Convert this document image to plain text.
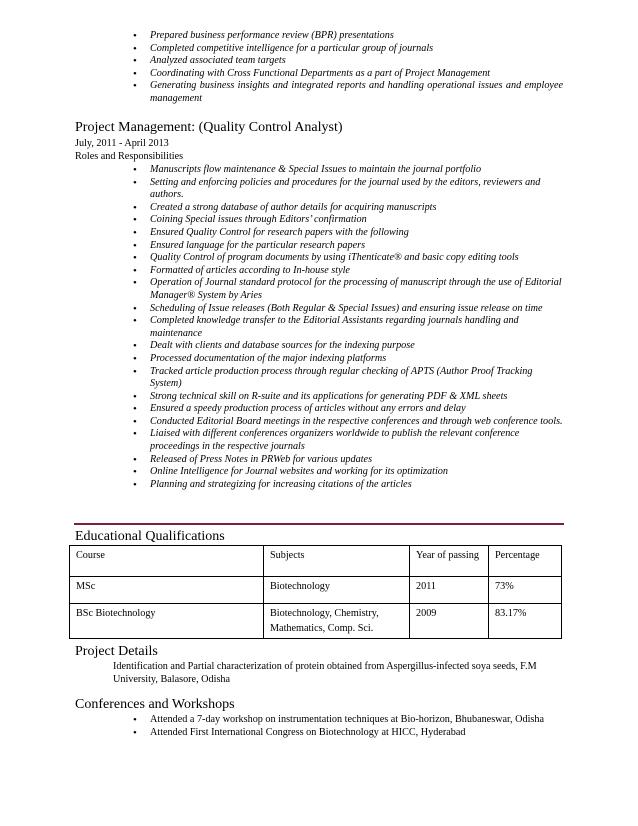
• Prepared business performance review (BPR) presentations
• Completed competitive intelligence for a particular group of journals
• Analyzed associated team targets
• Coordinating with Cross Functional Departments as a part of Project Management
• Generating business insights and integrated reports and handling operational issues and employee management
Project Management: (Quality Control Analyst)
July, 2011 - April 2013
Roles and Responsibilities
• Manuscripts flow maintenance & Special Issues to maintain the journal portfolio
• Setting and enforcing policies and procedures for the journal used by the editors, reviewers and authors.
• Created a strong database of author details for acquiring manuscripts
• Coining Special issues through Editors’ confirmation
• Ensured Quality Control for research papers with the following
• Ensured language for the particular research papers
• Quality Control of program documents by using iThenticate® and basic copy editing tools
• Formatted of articles according to In-house style
• Operation of Journal standard protocol for the processing of manuscript through the use of Editorial Manager® System by Aries
• Scheduling of Issue releases (Both Regular & Special Issues) and ensuring issue release on time
• Completed knowledge transfer to the Editorial Assistants regarding journals handling and maintenance
• Dealt with clients and database sources for the indexing purpose
• Processed documentation of the major indexing platforms
• Tracked article production process through regular checking of APTS (Author Proof Tracking System)
• Strong technical skill on R-suite and its applications for generating PDF & XML sheets
• Ensured a speedy production process of articles without any errors and delay
• Conducted Editorial Board meetings in the respective conferences and through web conference tools.
• Liaised with different conferences organizers worldwide to publish the relevant conference proceedings in the respective journals
• Released of Press Notes in PRWeb for various updates
• Online Intelligence for Journal websites and working for its optimization
• Planning and strategizing for increasing citations of the articles
Educational Qualifications
Course	Subjects	Year of passing	Percentage
MSc	Biotechnology	2011	73%
BSc Biotechnology	Biotechnology, Chemistry, Mathematics, Comp. Sci.	2009	83.17%
Project Details
Identification and Partial characterization of protein obtained from Aspergillus-infected soya seeds, F.M University, Balasore, Odisha
Conferences and Workshops
• Attended a 7-day workshop on instrumentation techniques at Bio-horizon, Bhubaneswar, Odisha
• Attended First International Congress on Biotechnology at HICC, Hyderabad
